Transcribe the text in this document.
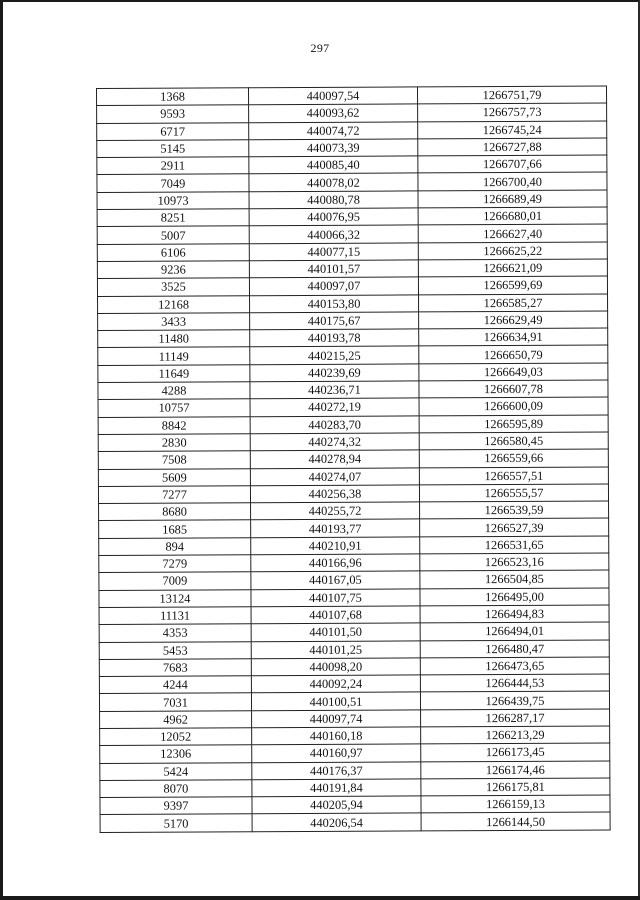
297
1368	440097,54	1266751,79
9593	440093,62	1266757,73
6717	440074,72	1266745,24
5145	440073,39	1266727,88
2911	440085,40	1266707,66
7049	440078,02	1266700,40
10973	440080,78	1266689,49
8251	440076,95	1266680,01
5007	440066,32	1266627,40
6106	440077,15	1266625,22
9236	440101,57	1266621,09
3525	440097,07	1266599,69
12168	440153,80	1266585,27
3433	440175,67	1266629,49
11480	440193,78	1266634,91
11149	440215,25	1266650,79
11649	440239,69	1266649,03
4288	440236,71	1266607,78
10757	440272,19	1266600,09
8842	440283,70	1266595,89
2830	440274,32	1266580,45
7508	440278,94	1266559,66
5609	440274,07	1266557,51
7277	440256,38	1266555,57
8680	440255,72	1266539,59
1685	440193,77	1266527,39
894	440210,91	1266531,65
7279	440166,96	1266523,16
7009	440167,05	1266504,85
13124	440107,75	1266495,00
11131	440107,68	1266494,83
4353	440101,50	1266494,01
5453	440101,25	1266480,47
7683	440098,20	1266473,65
4244	440092,24	1266444,53
7031	440100,51	1266439,75
4962	440097,74	1266287,17
12052	440160,18	1266213,29
12306	440160,97	1266173,45
5424	440176,37	1266174,46
8070	440191,84	1266175,81
9397	440205,94	1266159,13
5170	440206,54	1266144,50
